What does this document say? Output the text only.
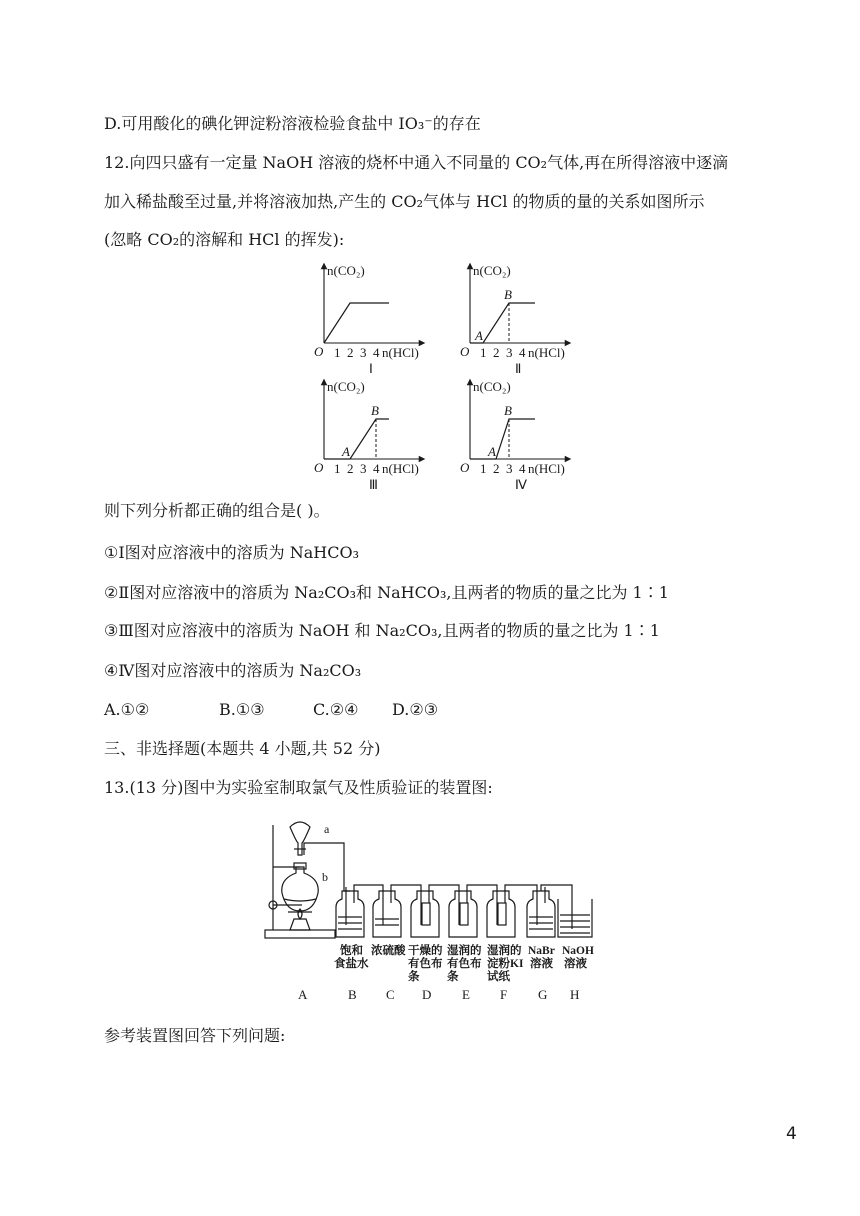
D.可用酸化的碘化钾淀粉溶液检验食盐中 IO₃⁻的存在
12.向四只盛有一定量 NaOH 溶液的烧杯中通入不同量的 CO₂气体,再在所得溶液中逐滴
加入稀盐酸至过量,并将溶液加热,产生的 CO₂气体与 HCl 的物质的量的关系如图所示
(忽略 CO₂的溶解和 HCl 的挥发):
n(CO₂)
n(HCl)
O 1 2 3 4
Ⅰ
n(CO₂)
n(HCl)
O 1 2 3 4
A
B
Ⅱ
n(CO₂)
n(HCl)
O 1 2 3 4
A
B
Ⅲ
n(CO₂)
n(HCl)
O 1 2 3 4
A
B
Ⅳ
则下列分析都正确的组合是( )。
①Ⅰ图对应溶液中的溶质为 NaHCO₃
②Ⅱ图对应溶液中的溶质为 Na₂CO₃和 NaHCO₃,且两者的物质的量之比为 1∶1
③Ⅲ图对应溶液中的溶质为 NaOH 和 Na₂CO₃,且两者的物质的量之比为 1∶1
④Ⅳ图对应溶液中的溶质为 Na₂CO₃
A.①②	B.①③	C.②④ D.②③
三、非选择题(本题共 4 小题,共 52 分)
13.(13 分)图中为实验室制取氯气及性质验证的装置图:
a
b
饱和
食盐水
浓硫酸 干燥的
有色布
条
湿润的
有色布
条
湿润的
淀粉KI
试纸
NaBr
溶液
NaOH
溶液
A	B C D E F G H
参考装置图回答下列问题:
4
